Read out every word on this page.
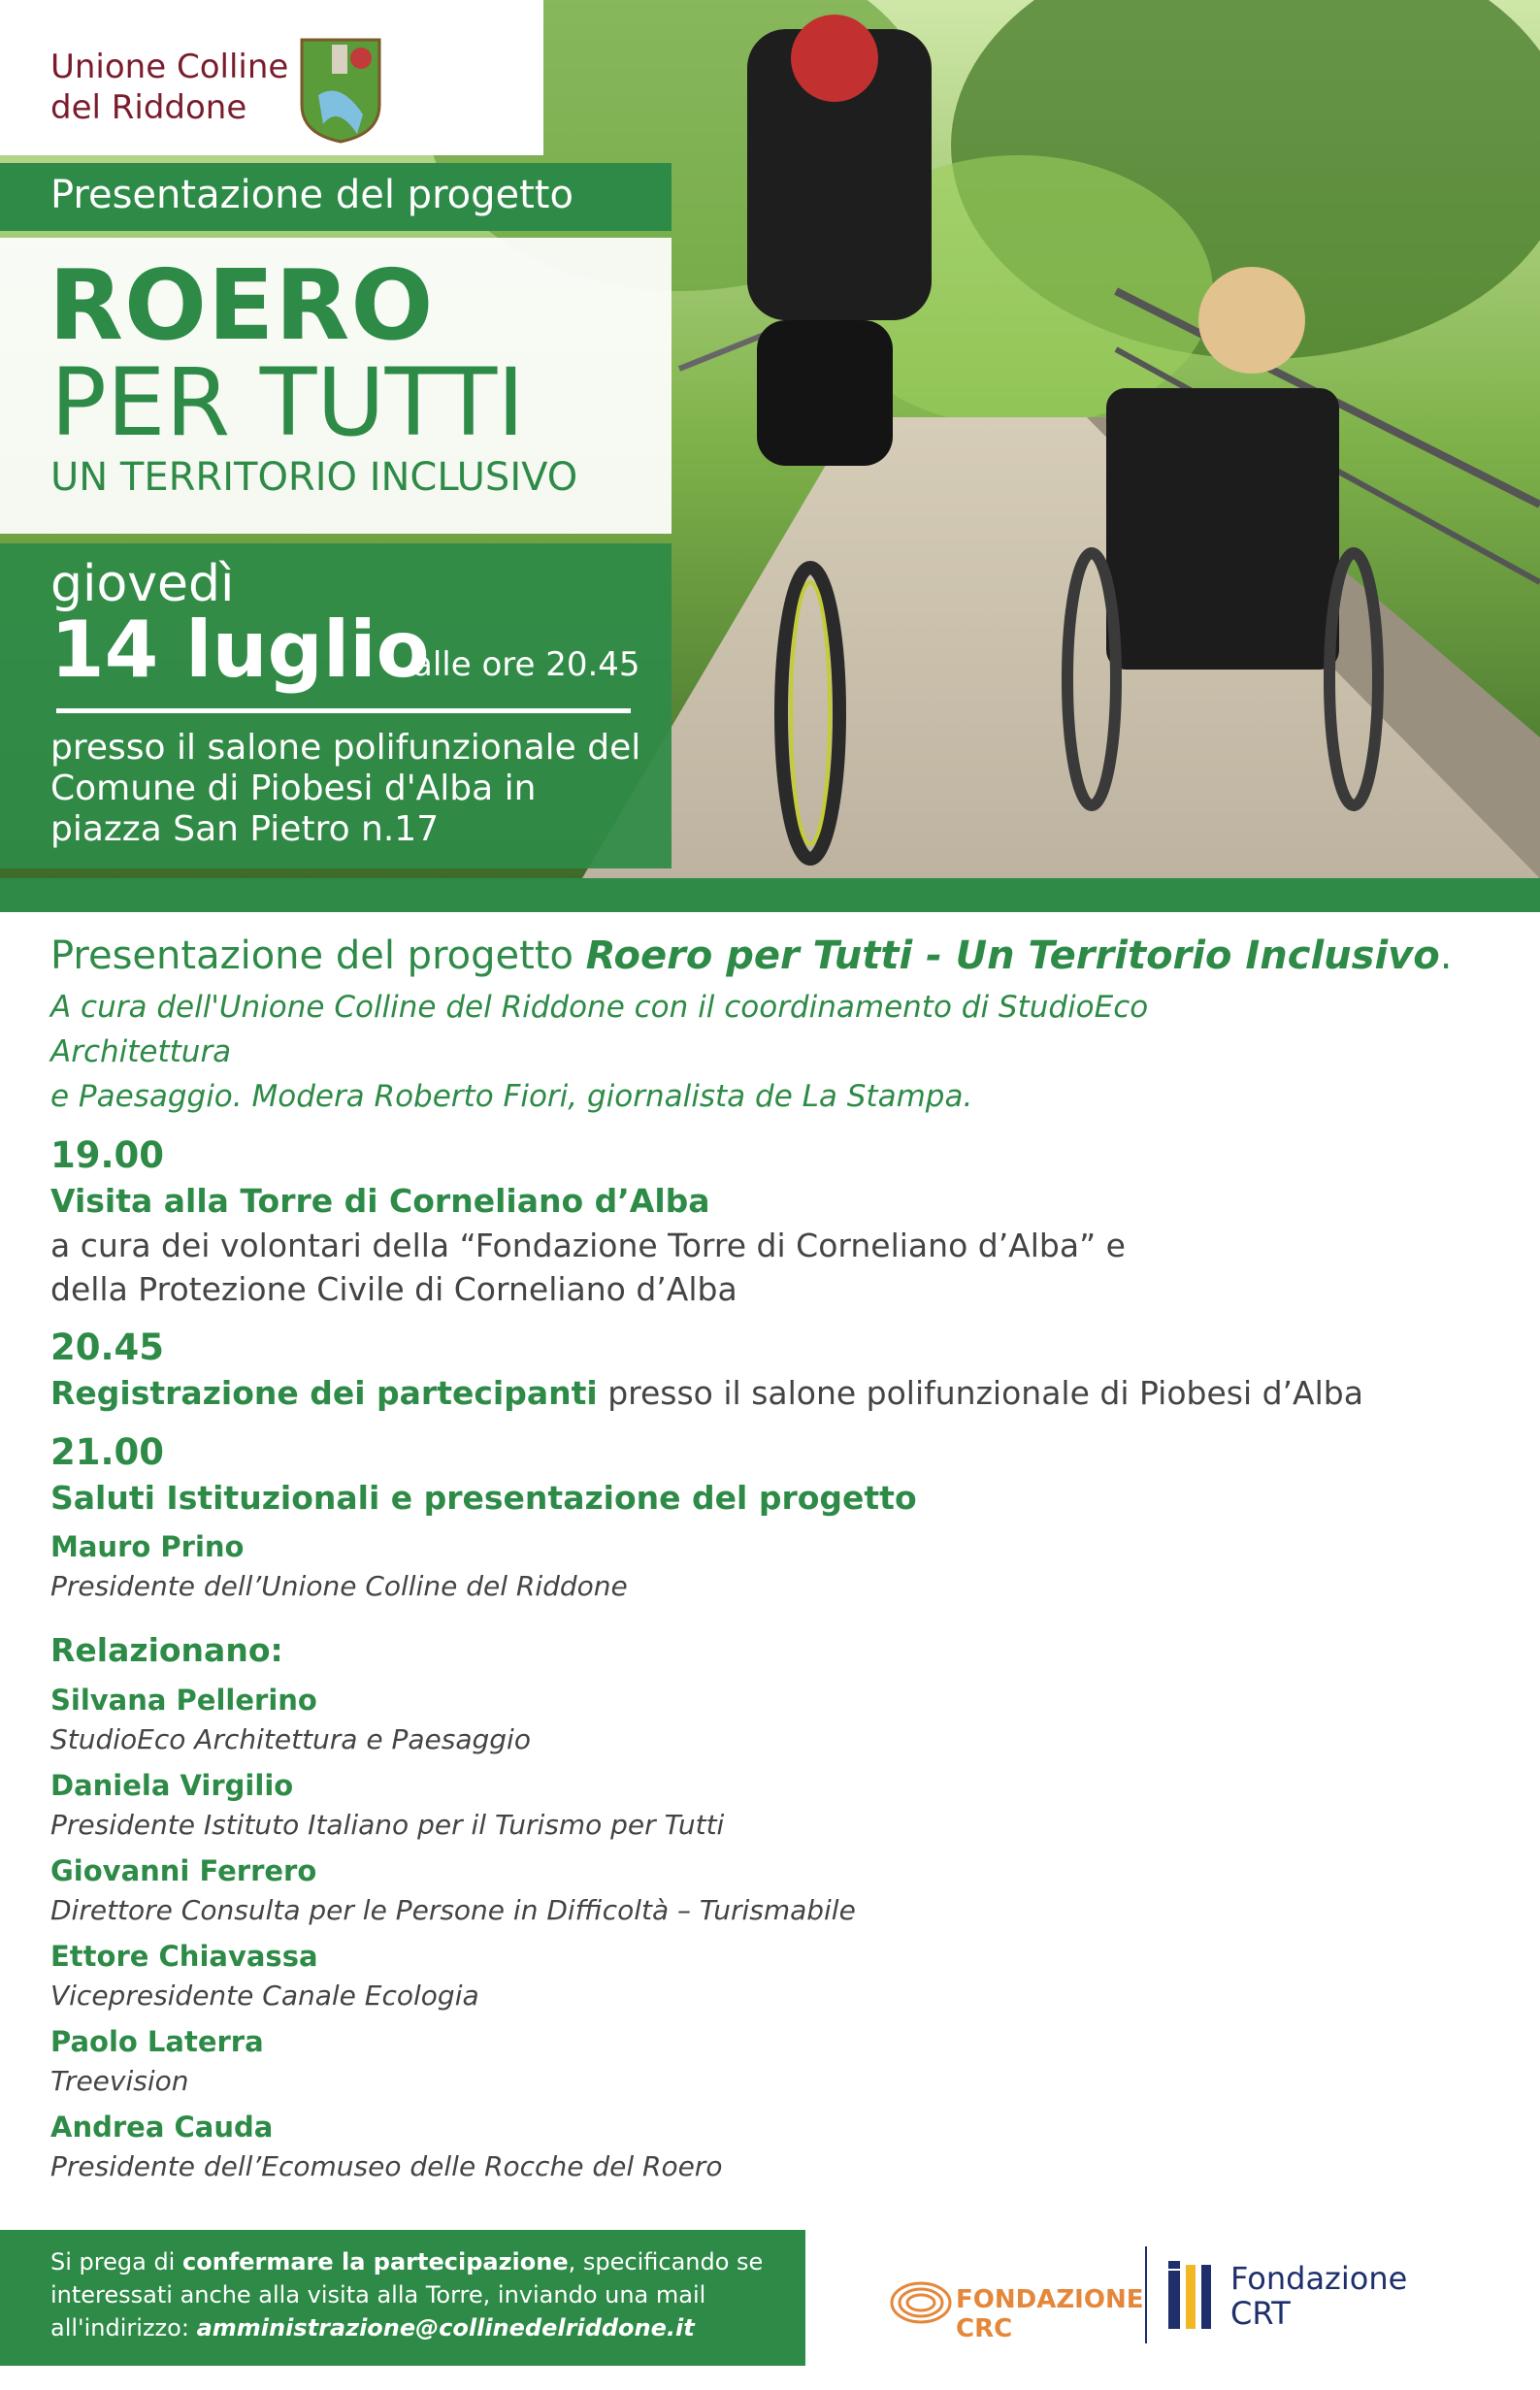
Unione Colline
del Riddone
Presentazione del progetto
ROERO
PER TUTTI
UN TERRITORIO INCLUSIVO
giovedì
14 luglio
alle ore 20.45
presso il salone polifunzionale del
Comune di Piobesi d'Alba in
piazza San Pietro n.17
Presentazione del progetto Roero per Tutti - Un Territorio Inclusivo.
A cura dell'Unione Colline del Riddone con il coordinamento di StudioEco Architettura
e Paesaggio. Modera Roberto Fiori, giornalista de La Stampa.
19.00
Visita alla Torre di Corneliano d’Alba
a cura dei volontari della “Fondazione Torre di Corneliano d’Alba” e
della Protezione Civile di Corneliano d’Alba
20.45
Registrazione dei partecipanti presso il salone polifunzionale di Piobesi d’Alba
21.00
Saluti Istituzionali e presentazione del progetto
Mauro Prino
Presidente dell’Unione Colline del Riddone
Relazionano:
Silvana Pellerino
StudioEco Architettura e Paesaggio
Daniela Virgilio
Presidente Istituto Italiano per il Turismo per Tutti
Giovanni Ferrero
Direttore Consulta per le Persone in Difficoltà – Turismabile
Ettore Chiavassa
Vicepresidente Canale Ecologia
Paolo Laterra
Treevision
Andrea Cauda
Presidente dell’Ecomuseo delle Rocche del Roero
Si prega di confermare la partecipazione, specificando se interessati anche alla visita alla Torre, inviando una mail all'indirizzo: amministrazione@collinedelriddone.it
FONDAZIONE CRC
Fondazione
CRT
